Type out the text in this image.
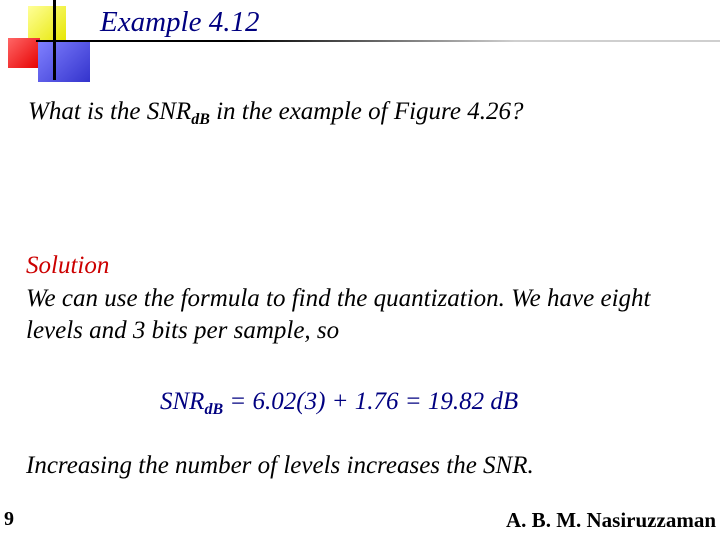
Example 4.12
What is the $SNR_{dB}$ in the example of Figure 4.26?
Solution
We can use the formula to find the quantization. We have eight levels and 3 bits per sample, so
$SNR_{dB} = 6.02(3) + 1.76 = 19.82$ dB
Increasing the number of levels increases the SNR.
9	A. B. M. Nasiruzzaman
